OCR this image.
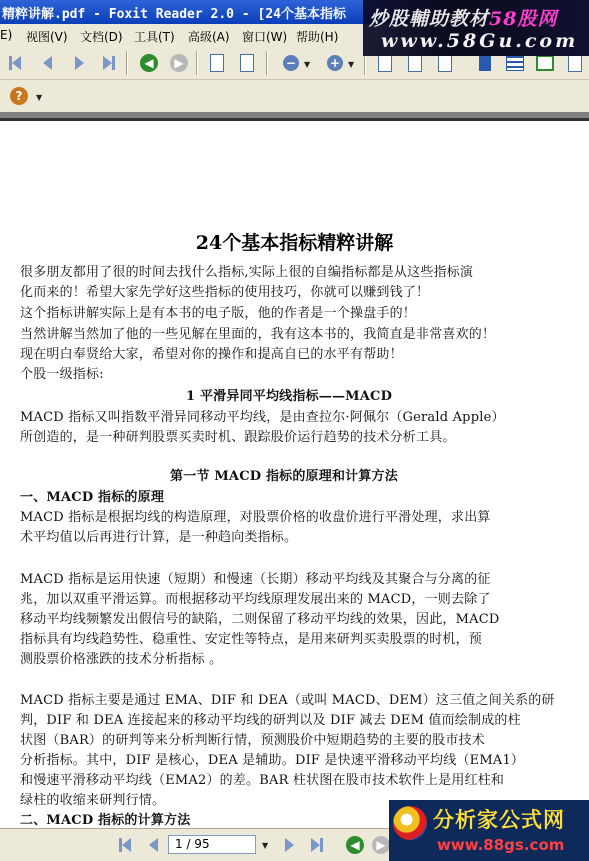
精粹讲解.pdf - Foxit Reader 2.0 - [24个基本指标 炒股輔助教材58股网
www.58Gu.com
E) 视图(V) 文档(D) 工具(T) 高级(A) 窗口(W) 帮助(H)
◀	▶	− ▼ + ▼
?	▼
24个基本指标精粹讲解
很多朋友都用了很的时间去找什么指标,实际上很的自编指标都是从这些指标演
化而来的！希望大家先学好这些指标的使用技巧，你就可以赚到钱了！
这个指标讲解实际上是有本书的电子版，他的作者是一个操盘手的！
当然讲解当然加了他的一些见解在里面的，我有这本书的，我简直是非常喜欢的！
现在明白奉贤给大家，希望对你的操作和提高自已的水平有帮助！
个股一级指标:
1 平滑异同平均线指标——MACD
MACD 指标又叫指数平滑异同移动平均线，是由查拉尔·阿佩尔（Gerald Apple）
所创造的，是一种研判股票买卖时机、跟踪股价运行趋势的技术分析工具。
第一节 MACD 指标的原理和计算方法
一、MACD 指标的原理
MACD 指标是根据均线的构造原理，对股票价格的收盘价进行平滑处理，求出算
术平均值以后再进行计算，是一种趋向类指标。
MACD 指标是运用快速（短期）和慢速（长期）移动平均线及其聚合与分离的征
兆，加以双重平滑运算。而根据移动平均线原理发展出来的 MACD，一则去除了
移动平均线频繁发出假信号的缺陷，二则保留了移动平均线的效果，因此，MACD
指标具有均线趋势性、稳重性、安定性等特点，是用来研判买卖股票的时机，预
测股票价格涨跌的技术分析指标 。
MACD 指标主要是通过 EMA、DIF 和 DEA（或叫 MACD、DEM）这三值之间关系的研
判，DIF 和 DEA 连接起来的移动平均线的研判以及 DIF 减去 DEM 值而绘制成的柱
状图（BAR）的研判等来分析判断行情，预测股价中短期趋势的主要的股市技术
分析指标。其中，DIF 是核心，DEA 是辅助。DIF 是快速平滑移动平均线（EMA1）
和慢速平滑移动平均线（EMA2）的差。BAR 柱状图在股市技术软件上是用红柱和
绿柱的收缩来研判行情。
二、MACD 指标的计算方法
1 / 95	▼	◀	▶
分析家公式网
www.88gs.com
